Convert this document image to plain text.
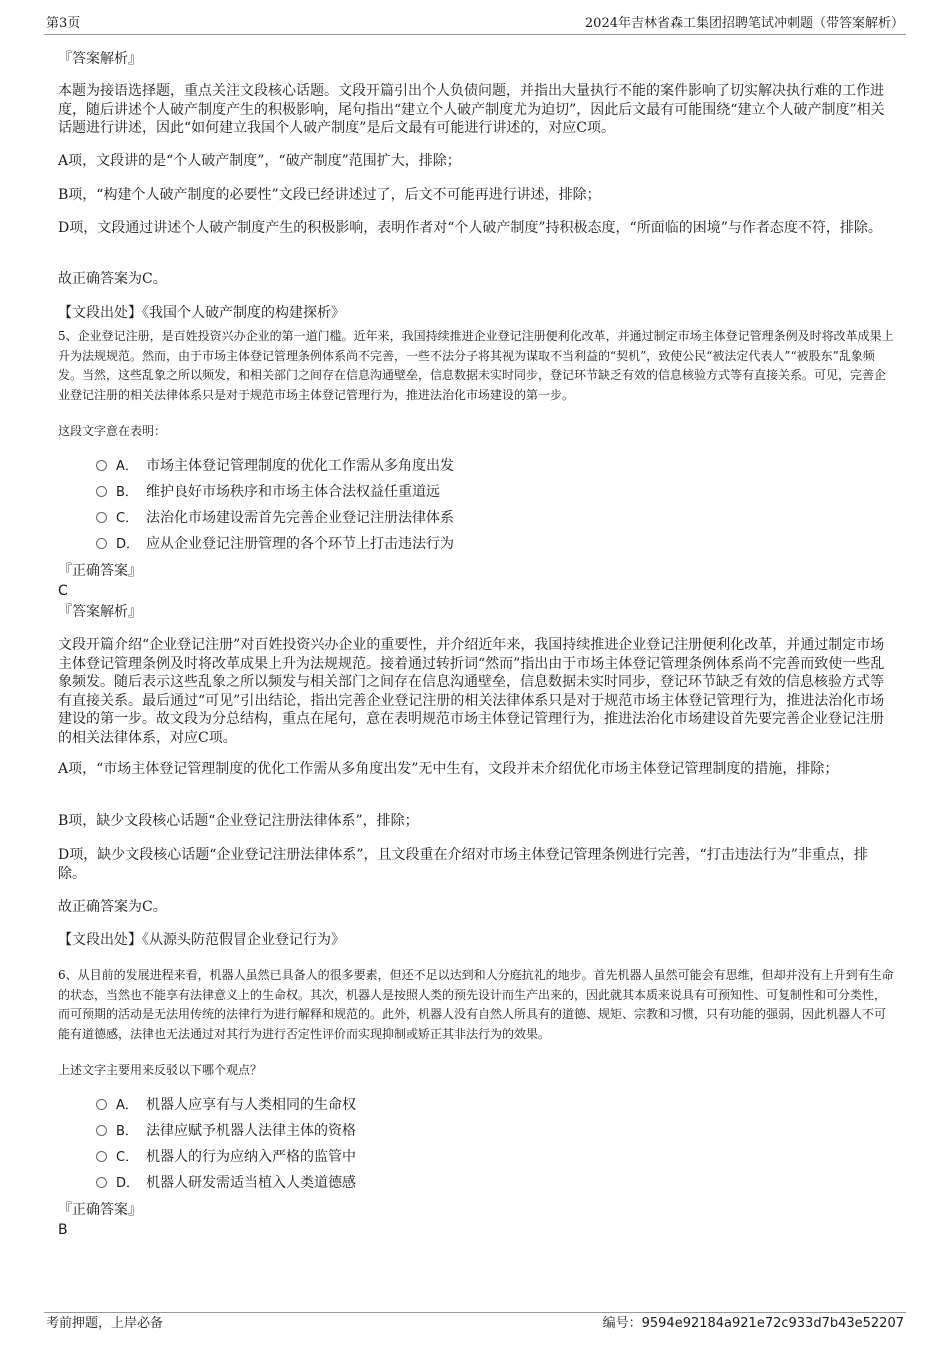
第3页	2024年吉林省森工集团招聘笔试冲刺题（带答案解析）
『答案解析』
本题为接语选择题，重点关注文段核心话题。文段开篇引出个人负债问题，并指出大量执行不能的案件影响了切实解决执行难的工作进度，随后讲述个人破产制度产生的积极影响，尾句指出“建立个人破产制度尤为迫切”，因此后文最有可能围绕“建立个人破产制度”相关话题进行讲述，因此“如何建立我国个人破产制度”是后文最有可能进行讲述的，对应C项。
A项，文段讲的是“个人破产制度”，“破产制度”范围扩大，排除；
B项，“构建个人破产制度的必要性”文段已经讲述过了，后文不可能再进行讲述，排除；
D项，文段通过讲述个人破产制度产生的积极影响，表明作者对“个人破产制度”持积极态度，“所面临的困境”与作者态度不符，排除。
故正确答案为C。
【文段出处】《我国个人破产制度的构建探析》
5、企业登记注册，是百姓投资兴办企业的第一道门槛。近年来，我国持续推进企业登记注册便利化改革，并通过制定市场主体登记管理条例及时将改革成果上升为法规规范。然而，由于市场主体登记管理条例体系尚不完善，一些不法分子将其视为谋取不当利益的“契机”，致使公民“被法定代表人”“被股东”乱象频发。当然，这些乱象之所以频发，和相关部门之间存在信息沟通壁垒，信息数据未实时同步，登记环节缺乏有效的信息核验方式等有直接关系。可见，完善企业登记注册的相关法律体系只是对于规范市场主体登记管理行为，推进法治化市场建设的第一步。
这段文字意在表明：
A． 市场主体登记管理制度的优化工作需从多角度出发
B． 维护良好市场秩序和市场主体合法权益任重道远
C． 法治化市场建设需首先完善企业登记注册法律体系
D． 应从企业登记注册管理的各个环节上打击违法行为
『正确答案』
C
『答案解析』
文段开篇介绍“企业登记注册”对百姓投资兴办企业的重要性，并介绍近年来，我国持续推进企业登记注册便利化改革，并通过制定市场主体登记管理条例及时将改革成果上升为法规规范。接着通过转折词“然而”指出由于市场主体登记管理条例体系尚不完善而致使一些乱象频发。随后表示这些乱象之所以频发与相关部门之间存在信息沟通壁垒，信息数据未实时同步，登记环节缺乏有效的信息核验方式等有直接关系。最后通过“可见”引出结论，指出完善企业登记注册的相关法律体系只是对于规范市场主体登记管理行为，推进法治化市场建设的第一步。故文段为分总结构，重点在尾句，意在表明规范市场主体登记管理行为，推进法治化市场建设首先要完善企业登记注册的相关法律体系，对应C项。
A项，“市场主体登记管理制度的优化工作需从多角度出发”无中生有，文段并未介绍优化市场主体登记管理制度的措施，排除；
B项，缺少文段核心话题“企业登记注册法律体系”，排除；
D项，缺少文段核心话题“企业登记注册法律体系”，且文段重在介绍对市场主体登记管理条例进行完善，“打击违法行为”非重点，排除。
故正确答案为C。
【文段出处】《从源头防范假冒企业登记行为》
6、从目前的发展进程来看，机器人虽然已具备人的很多要素，但还不足以达到和人分庭抗礼的地步。首先机器人虽然可能会有思维，但却并没有上升到有生命的状态，当然也不能享有法律意义上的生命权。其次，机器人是按照人类的预先设计而生产出来的，因此就其本质来说具有可预知性、可复制性和可分类性，而可预期的活动是无法用传统的法律行为进行解释和规范的。此外，机器人没有自然人所具有的道德、规矩、宗教和习惯，只有功能的强弱，因此机器人不可能有道德感，法律也无法通过对其行为进行否定性评价而实现抑制或矫正其非法行为的效果。
上述文字主要用来反驳以下哪个观点？
A． 机器人应享有与人类相同的生命权
B． 法律应赋予机器人法律主体的资格
C． 机器人的行为应纳入严格的监管中
D． 机器人研发需适当植入人类道德感
『正确答案』
B
考前押题，上岸必备	编号：9594e92184a921e72c933d7b43e52207
